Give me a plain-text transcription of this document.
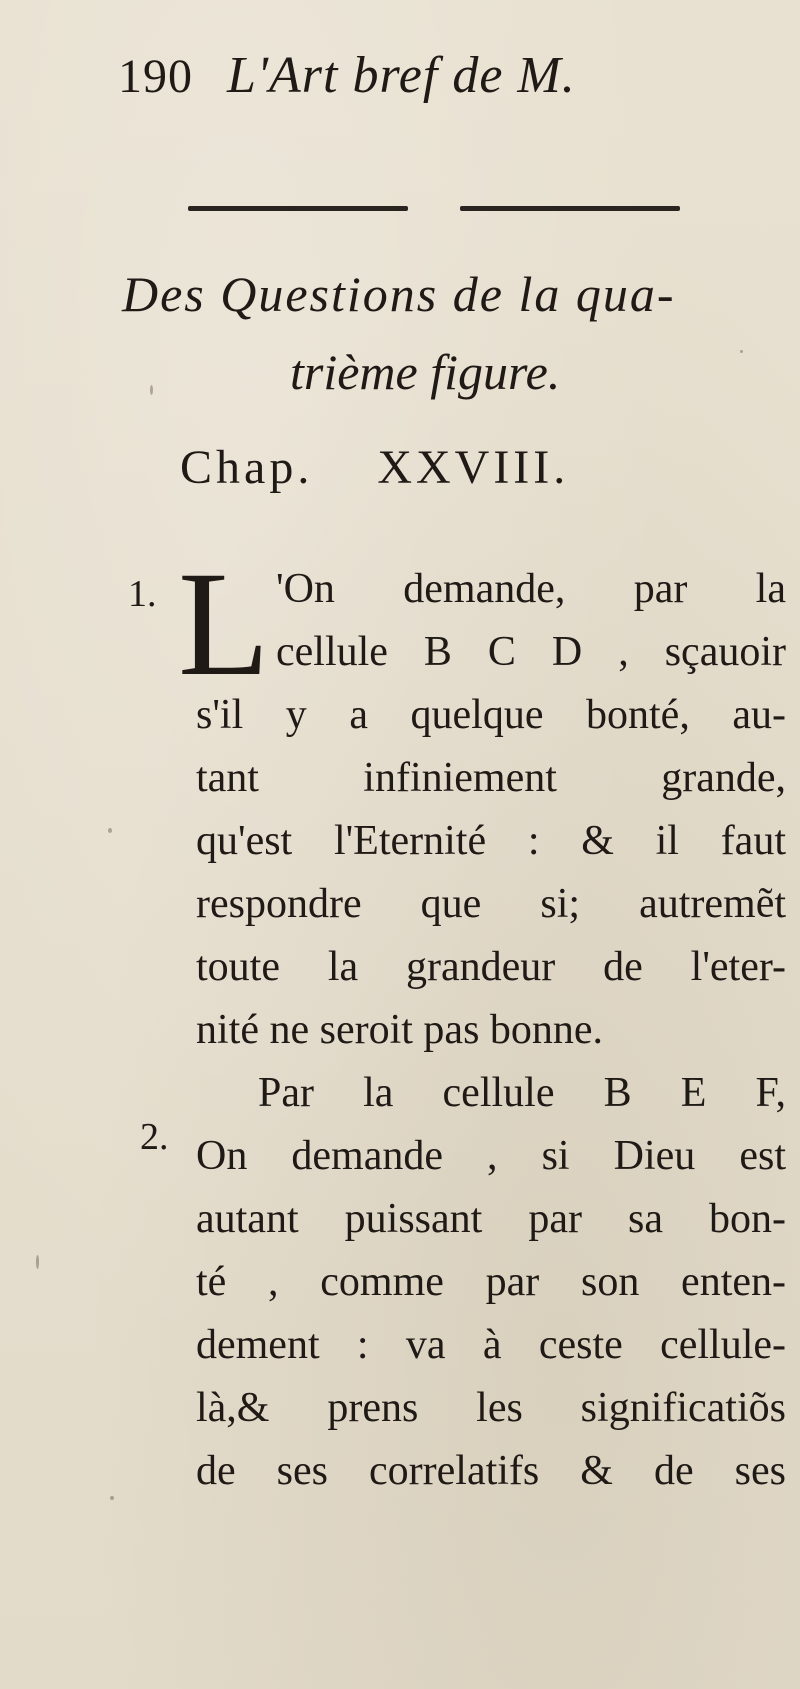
190 L'Art bref de M.
Des Questions de la qua-
trième figure.
Chap. XXVIII.
1.
2.
L 'On demande, par la
cellule B C D , sçauoir
s'il y a quelque bonté, au-
tant infiniement grande,
qu'est l'Eternité : & il faut
respondre que si; autremẽt
toute la grandeur de l'eter-
nité ne seroit pas bonne.
Par la cellule B E F,
On demande , si Dieu est
autant puissant par sa bon-
té , comme par son enten-
dement : va à ceste cellule-
là,& prens les significatiõs
de ses correlatifs & de ses
